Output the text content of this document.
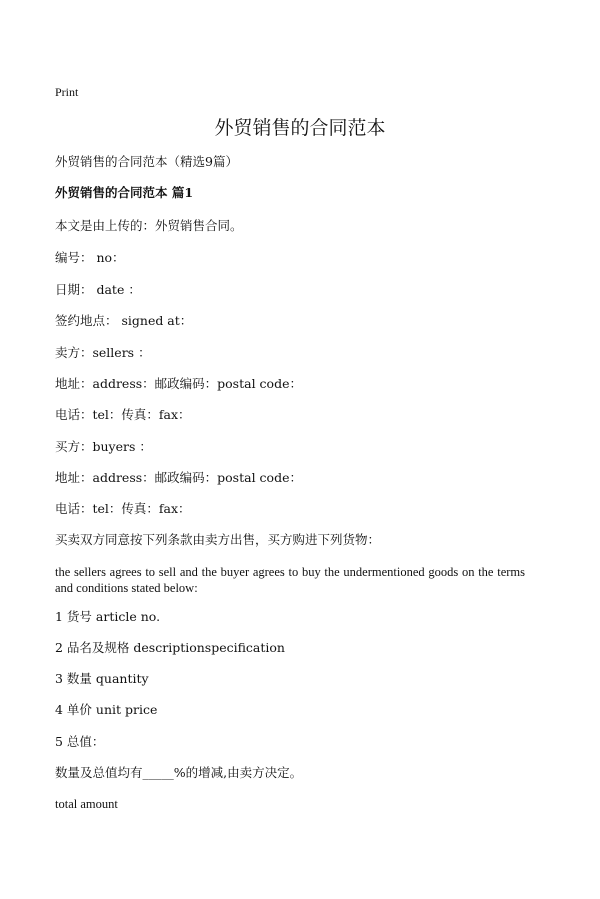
Print
外贸销售的合同范本
外贸销售的合同范本（精选9篇）
外贸销售的合同范本 篇1
本文是由上传的：外贸销售合同。
编号： no：
日期： date ：
签约地点： signed at：
卖方：sellers ：
地址：address：邮政编码：postal code：
电话：tel：传真：fax：
买方：buyers ：
地址：address：邮政编码：postal code：
电话：tel：传真：fax：
买卖双方同意按下列条款由卖方出售，买方购进下列货物：
the sellers agrees to sell and the buyer agrees to buy the undermentioned goods on the terms and conditions stated below:
1 货号 article no.
2 品名及规格 descriptionspecification
3 数量 quantity
4 单价 unit price
5 总值：
数量及总值均有_____%的增减,由卖方决定。
total amount
